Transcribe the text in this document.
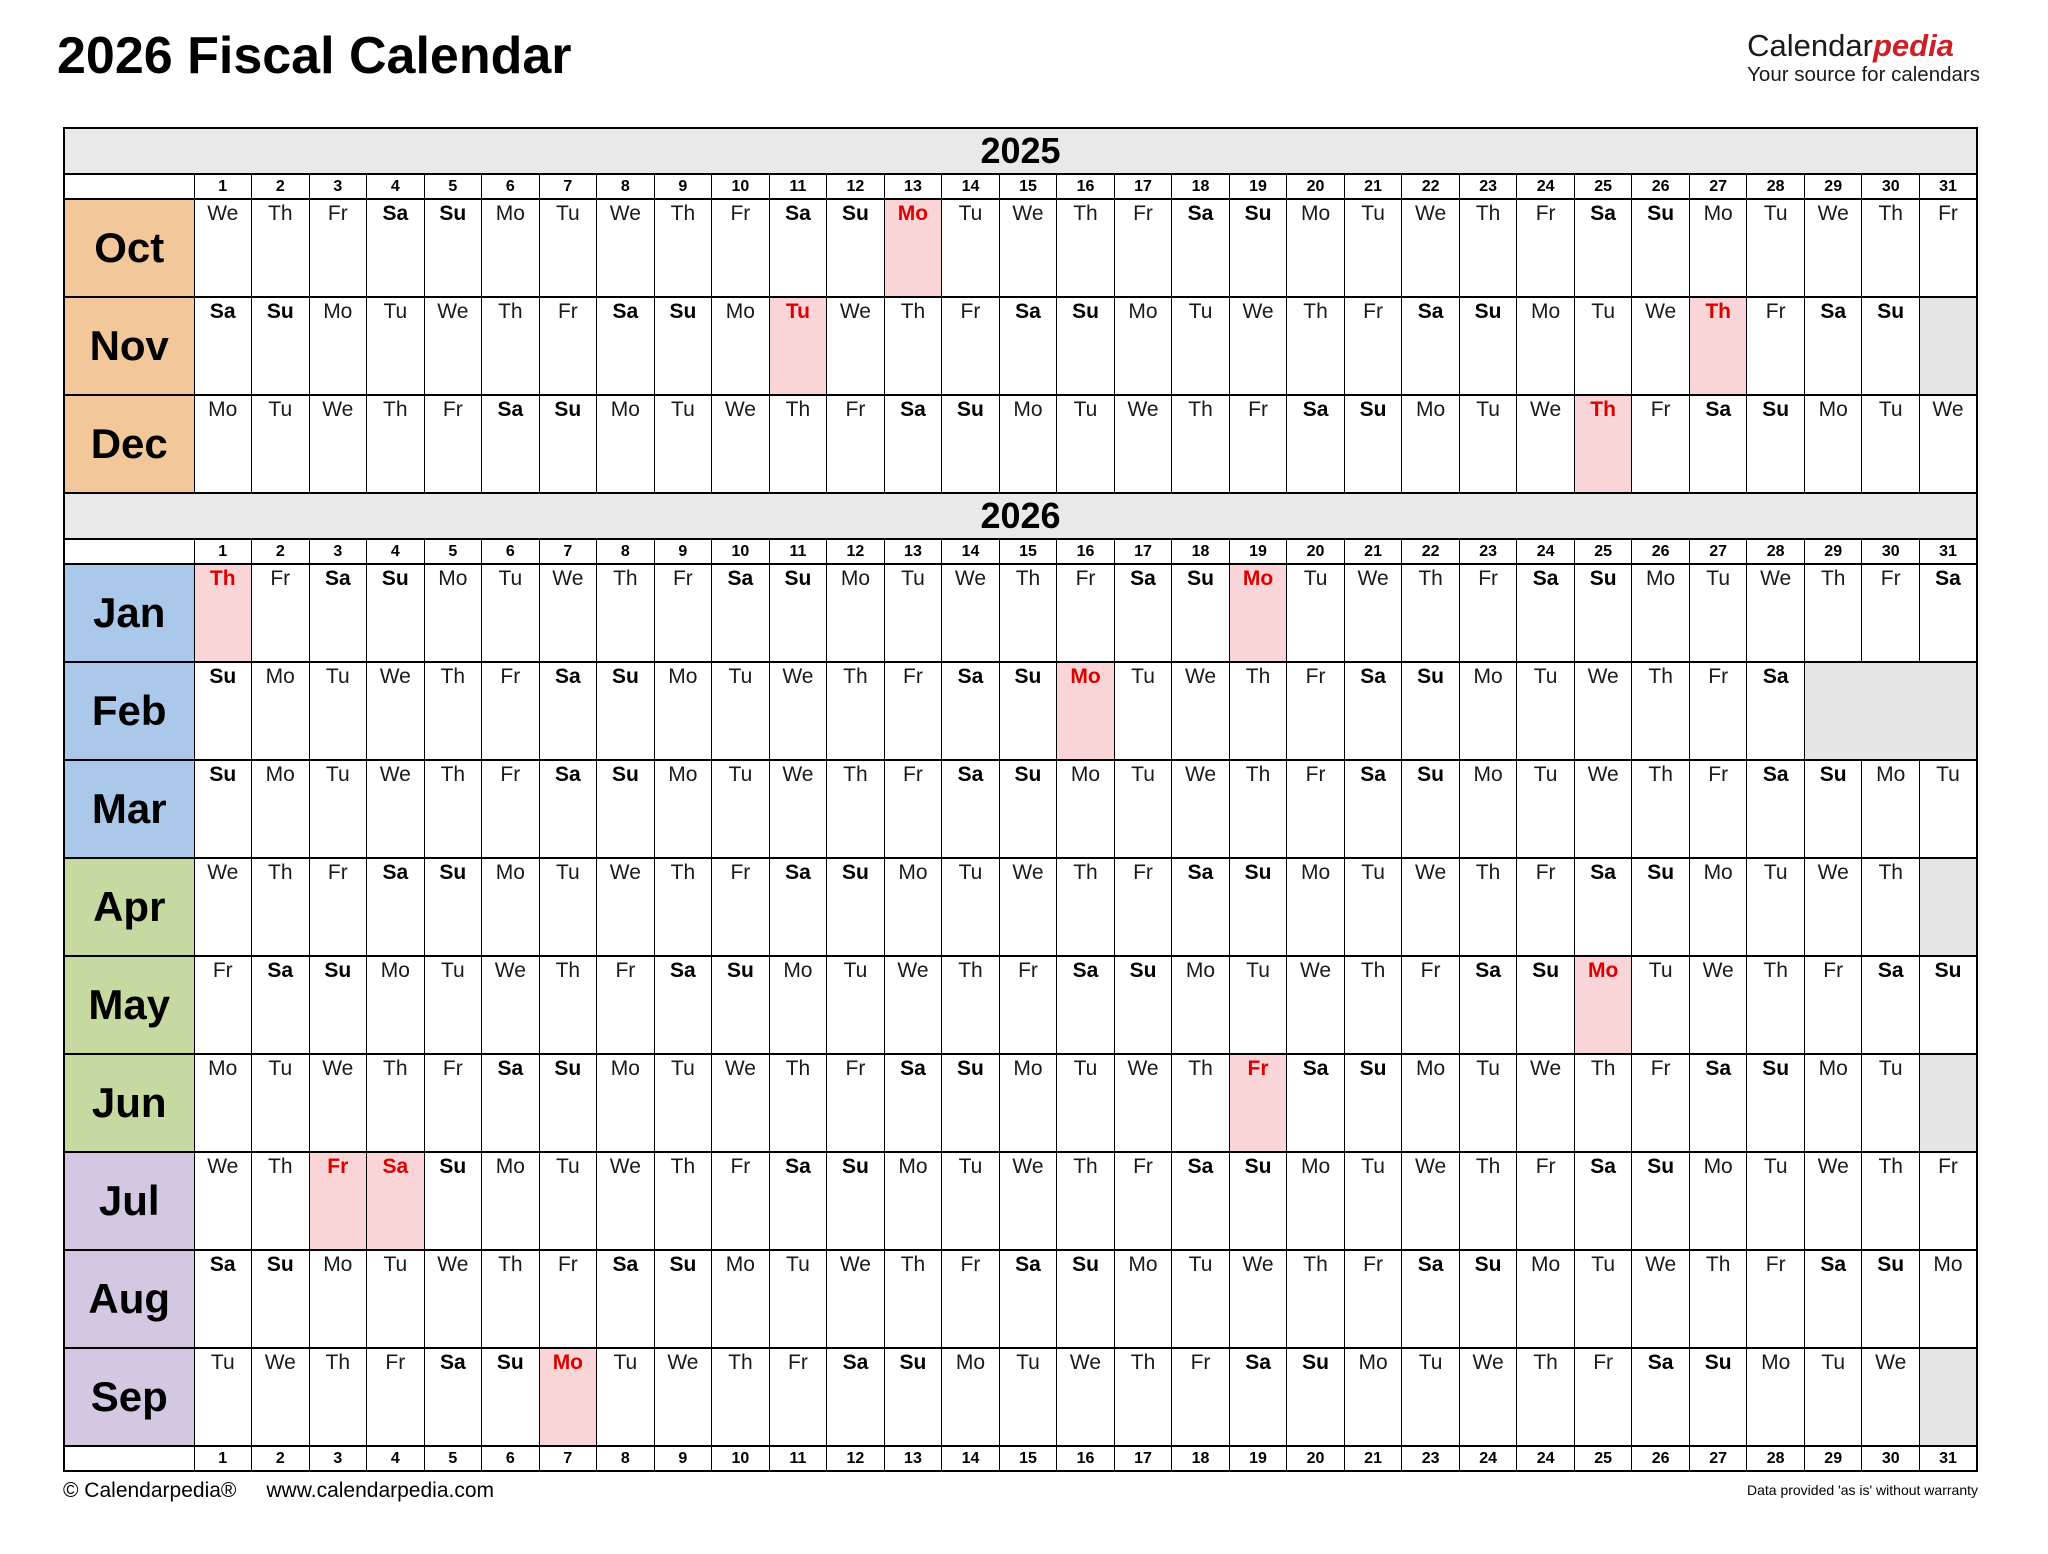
2026 Fiscal Calendar	Calendarpedia
Your source for calendars
2025																															
	1	2	3	4	5	6	7	8	9	10	11	12	13	14	15	16	17	18	19	20	21	22	23	24	25	26	27	28	29	30	31
Oct	We	Th	Fr	Sa	Su	Mo	Tu	We	Th	Fr	Sa	Su	Mo	Tu	We	Th	Fr	Sa	Su	Mo	Tu	We	Th	Fr	Sa	Su	Mo	Tu	We	Th	Fr
Nov	Sa	Su	Mo	Tu	We	Th	Fr	Sa	Su	Mo	Tu	We	Th	Fr	Sa	Su	Mo	Tu	We	Th	Fr	Sa	Su	Mo	Tu	We	Th	Fr	Sa	Su	
Dec	Mo	Tu	We	Th	Fr	Sa	Su	Mo	Tu	We	Th	Fr	Sa	Su	Mo	Tu	We	Th	Fr	Sa	Su	Mo	Tu	We	Th	Fr	Sa	Su	Mo	Tu	We
2026																															
	1	2	3	4	5	6	7	8	9	10	11	12	13	14	15	16	17	18	19	20	21	22	23	24	25	26	27	28	29	30	31
Jan	Th	Fr	Sa	Su	Mo	Tu	We	Th	Fr	Sa	Su	Mo	Tu	We	Th	Fr	Sa	Su	Mo	Tu	We	Th	Fr	Sa	Su	Mo	Tu	We	Th	Fr	Sa
Feb	Su	Mo	Tu	We	Th	Fr	Sa	Su	Mo	Tu	We	Th	Fr	Sa	Su	Mo	Tu	We	Th	Fr	Sa	Su	Mo	Tu	We	Th	Fr	Sa			
Mar	Su	Mo	Tu	We	Th	Fr	Sa	Su	Mo	Tu	We	Th	Fr	Sa	Su	Mo	Tu	We	Th	Fr	Sa	Su	Mo	Tu	We	Th	Fr	Sa	Su	Mo	Tu
Apr	We	Th	Fr	Sa	Su	Mo	Tu	We	Th	Fr	Sa	Su	Mo	Tu	We	Th	Fr	Sa	Su	Mo	Tu	We	Th	Fr	Sa	Su	Mo	Tu	We	Th	
May	Fr	Sa	Su	Mo	Tu	We	Th	Fr	Sa	Su	Mo	Tu	We	Th	Fr	Sa	Su	Mo	Tu	We	Th	Fr	Sa	Su	Mo	Tu	We	Th	Fr	Sa	Su
Jun	Mo	Tu	We	Th	Fr	Sa	Su	Mo	Tu	We	Th	Fr	Sa	Su	Mo	Tu	We	Th	Fr	Sa	Su	Mo	Tu	We	Th	Fr	Sa	Su	Mo	Tu	
Jul	We	Th	Fr	Sa	Su	Mo	Tu	We	Th	Fr	Sa	Su	Mo	Tu	We	Th	Fr	Sa	Su	Mo	Tu	We	Th	Fr	Sa	Su	Mo	Tu	We	Th	Fr
Aug	Sa	Su	Mo	Tu	We	Th	Fr	Sa	Su	Mo	Tu	We	Th	Fr	Sa	Su	Mo	Tu	We	Th	Fr	Sa	Su	Mo	Tu	We	Th	Fr	Sa	Su	Mo
Sep	Tu	We	Th	Fr	Sa	Su	Mo	Tu	We	Th	Fr	Sa	Su	Mo	Tu	We	Th	Fr	Sa	Su	Mo	Tu	We	Th	Fr	Sa	Su	Mo	Tu	We	
	1	2	3	4	5	6	7	8	9	10	11	12	13	14	15	16	17	18	19	20	21	23	24	24	25	26	27	28	29	30	31
© Calendarpedia® www.calendarpedia.com	Data provided 'as is' without warranty
